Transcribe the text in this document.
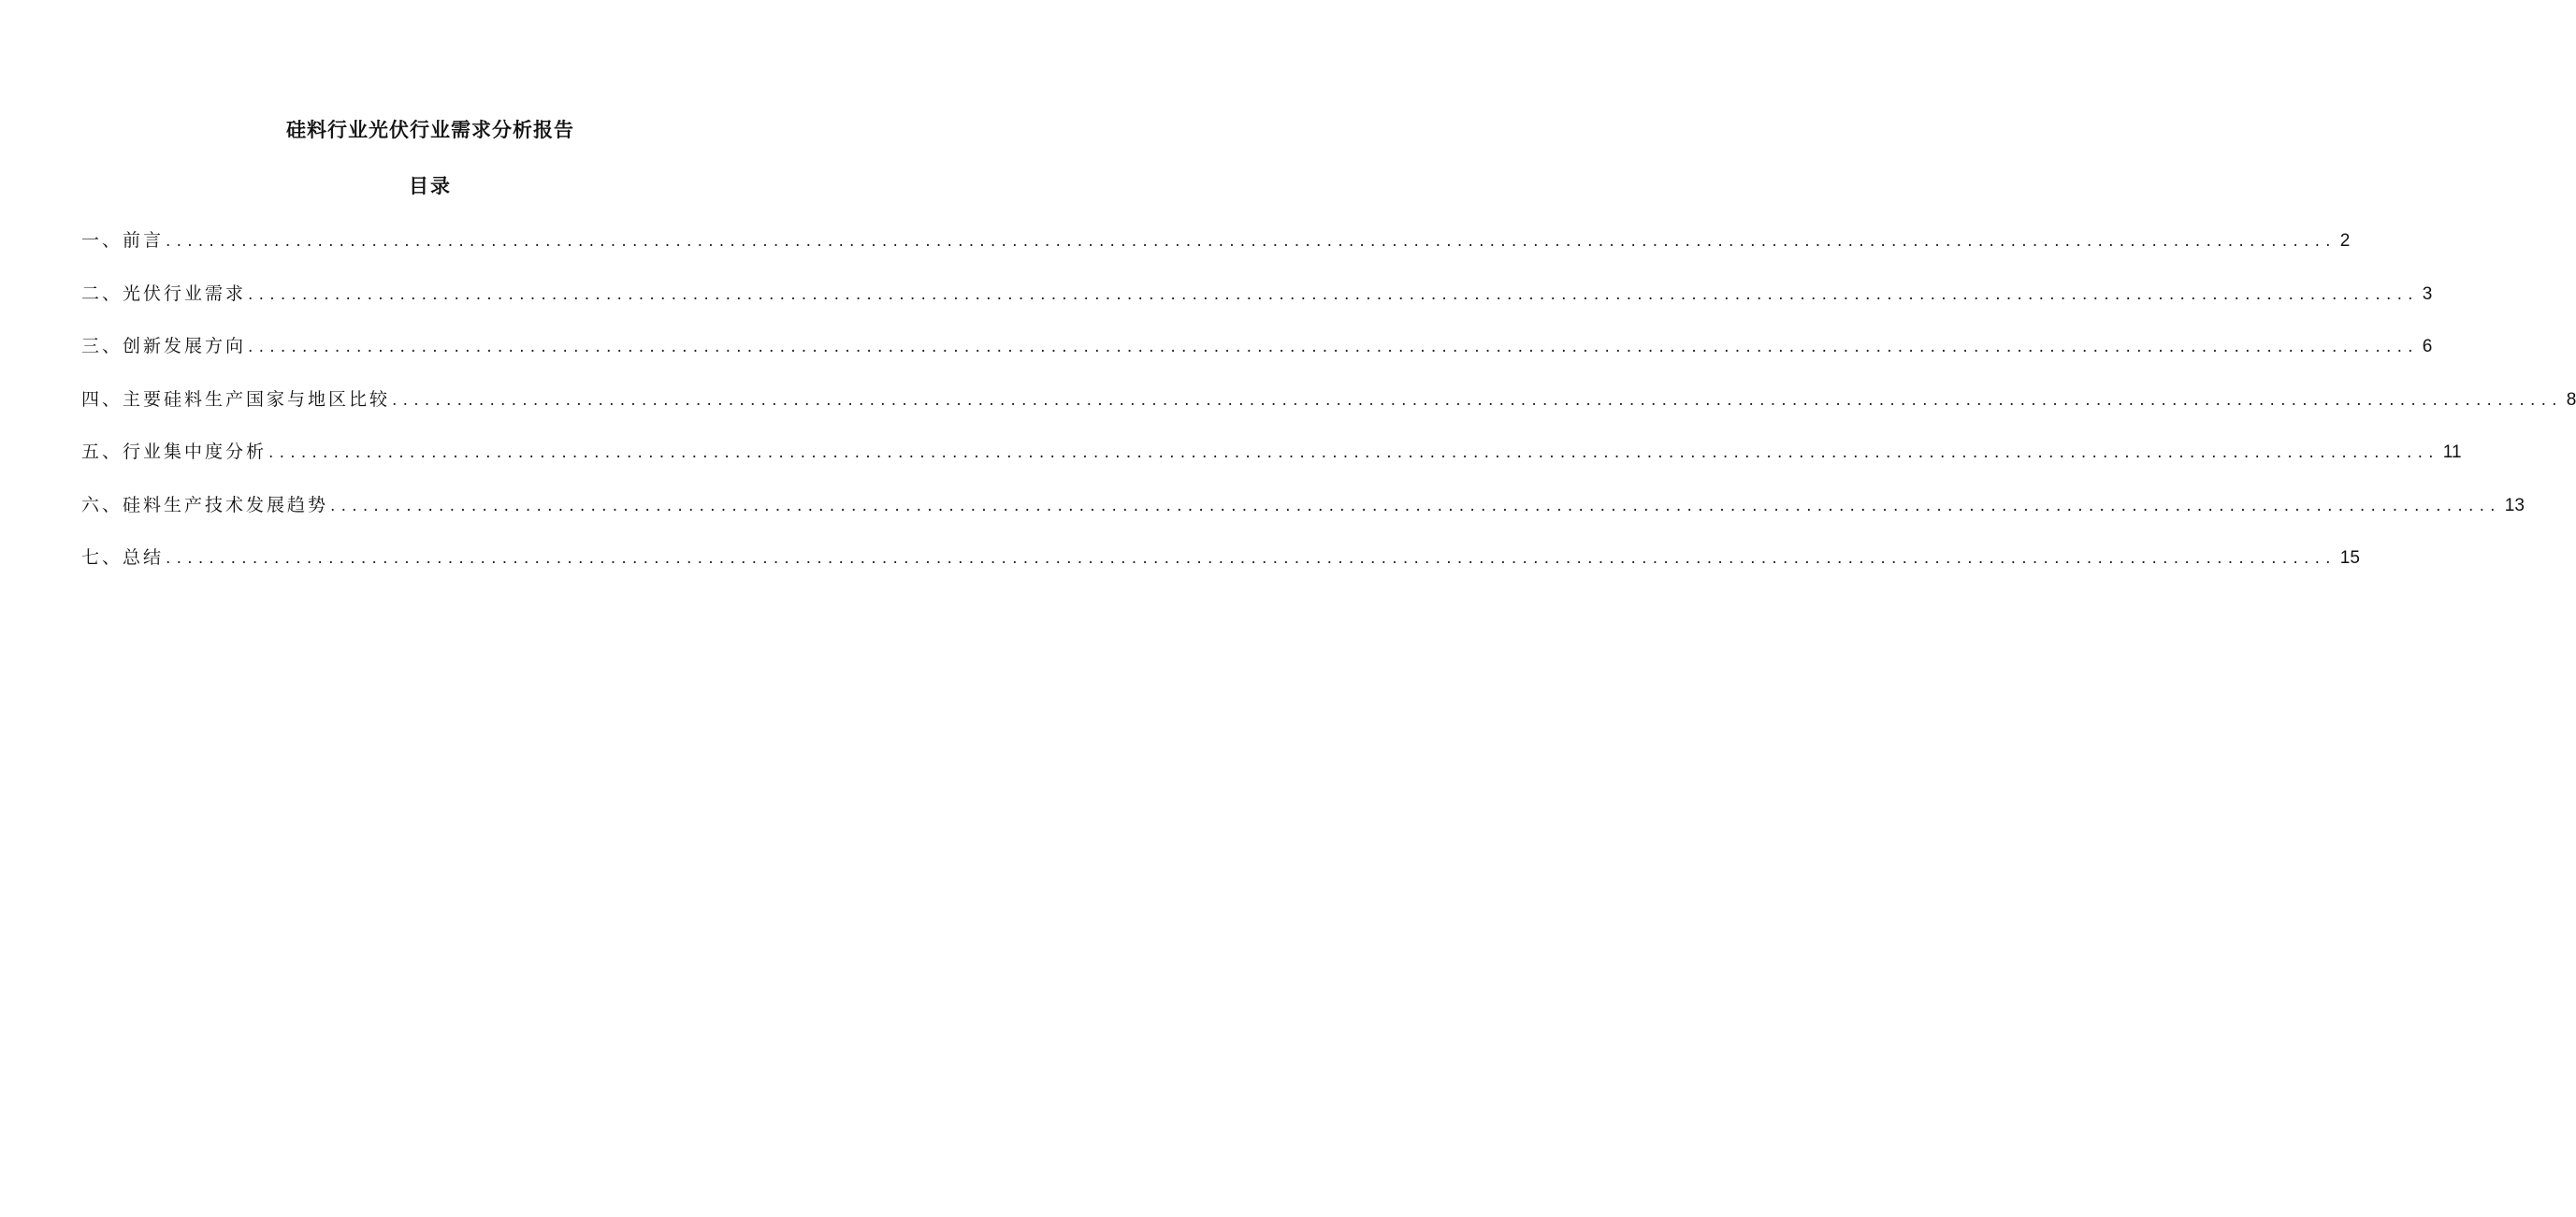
硅料行业光伏行业需求分析报告
目录
一、前言 ........................................................................................................................................................................................................ 2
二、光伏行业需求 ........................................................................................................................................................................................................ 3
三、创新发展方向 ........................................................................................................................................................................................................ 6
四、主要硅料生产国家与地区比较 ........................................................................................................................................................................................................ 8
五、行业集中度分析 ........................................................................................................................................................................................................ 11
六、硅料生产技术发展趋势 ........................................................................................................................................................................................................ 13
七、总结 ........................................................................................................................................................................................................ 15
